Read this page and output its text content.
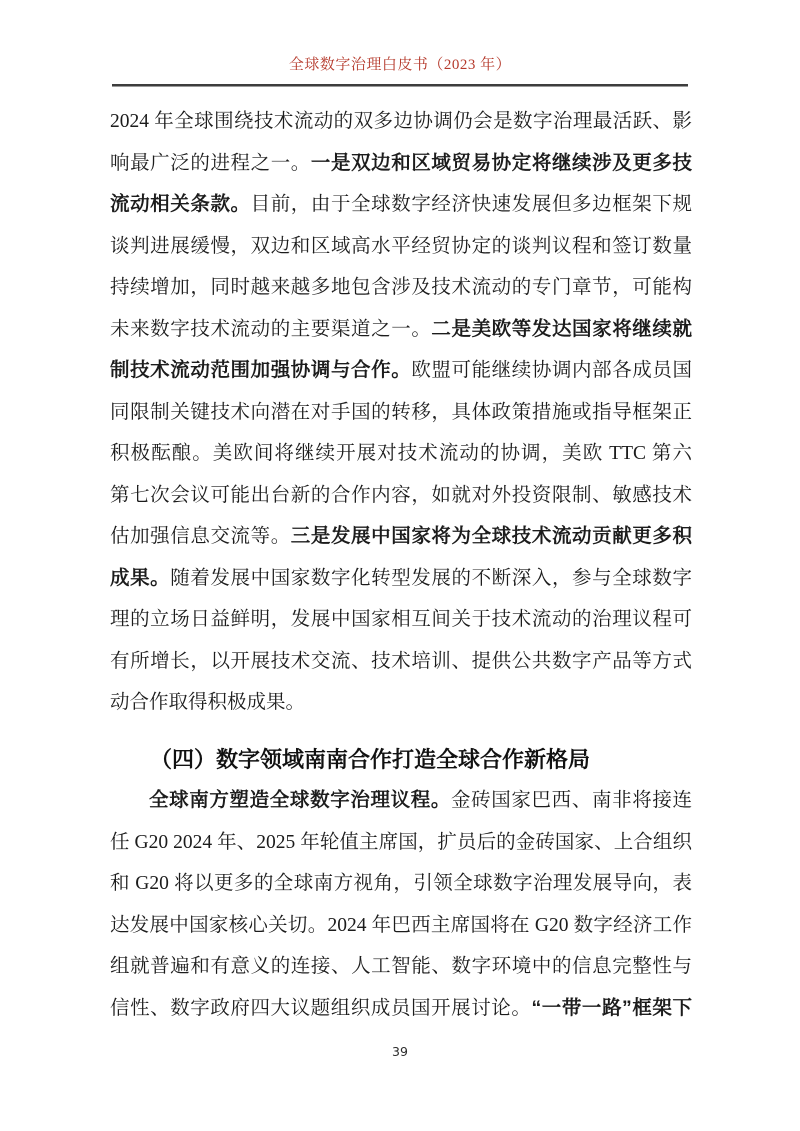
全球数字治理白皮书（2023 年）
2024 年全球围绕技术流动的双多边协调仍会是数字治理最活跃、影
响最广泛的进程之一。一是双边和区域贸易协定将继续涉及更多技
流动相关条款。目前，由于全球数字经济快速发展但多边框架下规
谈判进展缓慢，双边和区域高水平经贸协定的谈判议程和签订数量
持续增加，同时越来越多地包含涉及技术流动的专门章节，可能构
未来数字技术流动的主要渠道之一。二是美欧等发达国家将继续就
制技术流动范围加强协调与合作。欧盟可能继续协调内部各成员国
同限制关键技术向潜在对手国的转移，具体政策措施或指导框架正
积极酝酿。美欧间将继续开展对技术流动的协调，美欧 TTC 第六
第七次会议可能出台新的合作内容，如就对外投资限制、敏感技术
估加强信息交流等。三是发展中国家将为全球技术流动贡献更多积
成果。随着发展中国家数字化转型发展的不断深入，参与全球数字
理的立场日益鲜明，发展中国家相互间关于技术流动的治理议程可
有所增长，以开展技术交流、技术培训、提供公共数字产品等方式
动合作取得积极成果。
（四）数字领域南南合作打造全球合作新格局
全球南方塑造全球数字治理议程。金砖国家巴西、南非将接连
任 G20 2024 年、2025 年轮值主席国，扩员后的金砖国家、上合组织
和 G20 将以更多的全球南方视角，引领全球数字治理发展导向，表
达发展中国家核心关切。2024 年巴西主席国将在 G20 数字经济工作
组就普遍和有意义的连接、人工智能、数字环境中的信息完整性与
信性、数字政府四大议题组织成员国开展讨论。“一带一路”框架下
39
